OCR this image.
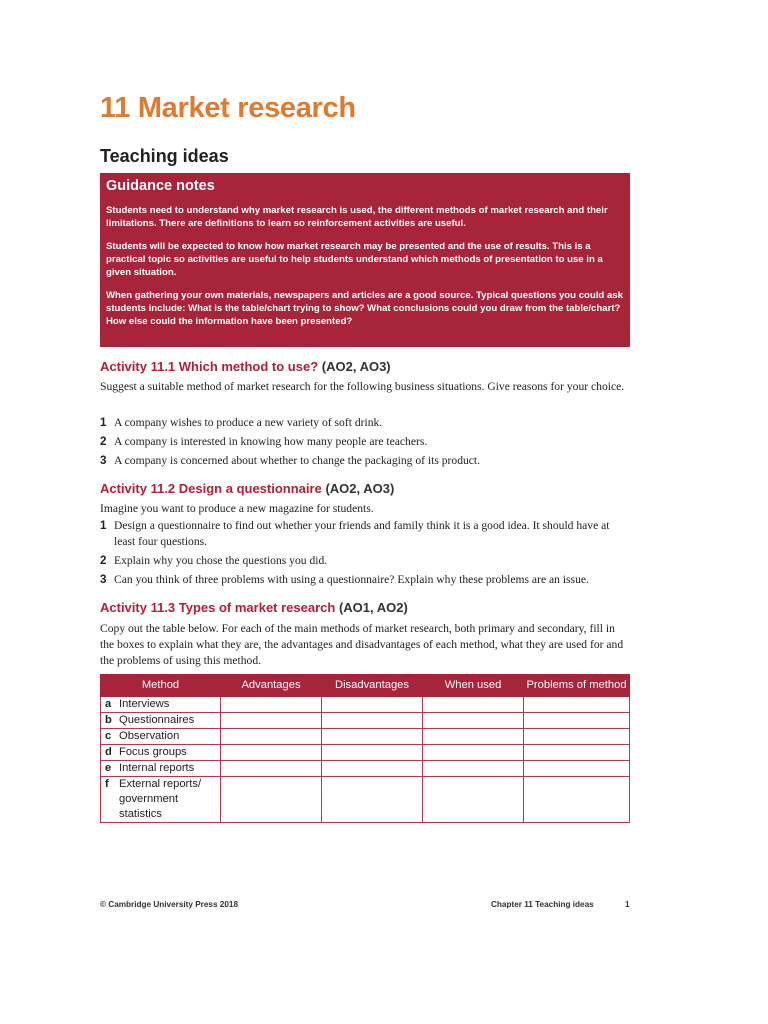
11 Market research
Teaching ideas
Guidance notes

Students need to understand why market research is used, the different methods of market research and their limitations. There are definitions to learn so reinforcement activities are useful.

Students will be expected to know how market research may be presented and the use of results. This is a practical topic so activities are useful to help students understand which methods of presentation to use in a given situation.

When gathering your own materials, newspapers and articles are a good source. Typical questions you could ask students include: What is the table/chart trying to show? What conclusions could you draw from the table/chart? How else could the information have been presented?

Activity 11.1 Which method to use? (AO2, AO3)

Suggest a suitable method of market research for the following business situations. Give reasons for your choice.

1 A company wishes to produce a new variety of soft drink.
2 A company is interested in knowing how many people are teachers.
3 A company is concerned about whether to change the packaging of its product.
Activity 11.2 Design a questionnaire (AO2, AO3)

Imagine you want to produce a new magazine for students.

1 Design a questionnaire to find out whether your friends and family think it is a good idea. It should have at least four questions.
2 Explain why you chose the questions you did.
3 Can you think of three problems with using a questionnaire? Explain why these problems are an issue.
Activity 11.3 Types of market research (AO1, AO2)

Copy out the table below. For each of the main methods of market research, both primary and secondary, fill in the boxes to explain what they are, the advantages and disadvantages of each method, what they are used for and the problems of using this method.

Method	Advantages	Disadvantages	When used	Problems of method
a Interviews				
b Questionnaires				
c Observation				
d Focus groups				
e Internal reports				
f External reports/ government statistics				
© Cambridge University Press 2018	Chapter 11 Teaching ideas	1
